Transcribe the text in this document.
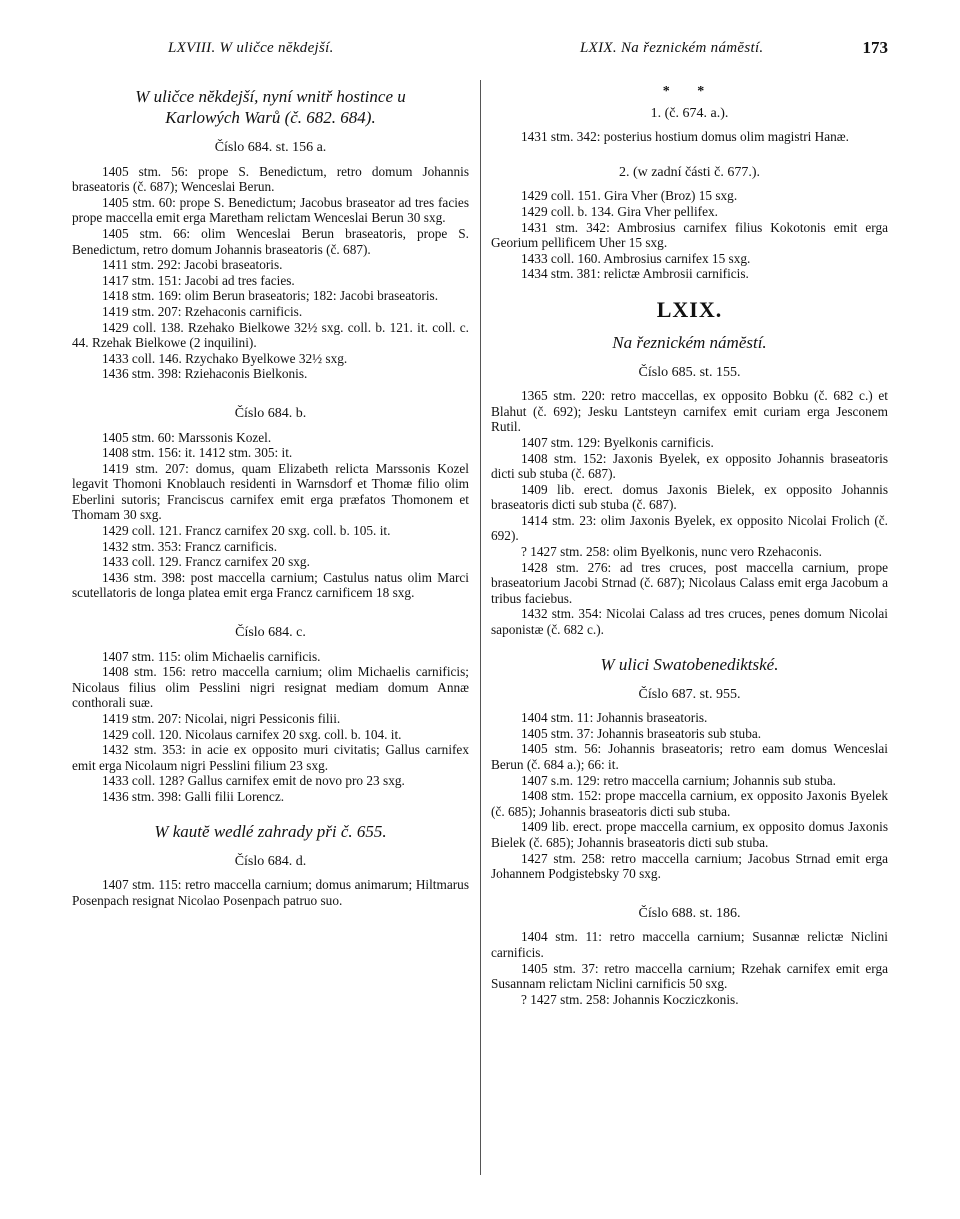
LXVIII. W uličce nĕkdejší.	LXIX. Na řeznickém námĕstí.	173
W uličce nĕkdejší, nyní wnitř hostince u
Karlowých Warů (č. 682. 684).
Číslo 684. st. 156 a.

1405 stm. 56: prope S. Benedictum, retro domum Johannis braseatoris (č. 687); Wenceslai Berun.

1405 stm. 60: prope S. Benedictum; Jacobus braseator ad tres facies prope maccella emit erga Maretham relictam Wenceslai Berun 30 sxg.

1405 stm. 66: olim Wenceslai Berun braseatoris, prope S. Benedictum, retro domum Johannis braseatoris (č. 687).

1411 stm. 292: Jacobi braseatoris.

1417 stm. 151: Jacobi ad tres facies.

1418 stm. 169: olim Berun braseatoris; 182: Jacobi braseatoris.

1419 stm. 207: Rzehaconis carnificis.

1429 coll. 138. Rzehako Bielkowe 32½ sxg. coll. b. 121. it. coll. c. 44. Rzehak Bielkowe (2 inquilini).

1433 coll. 146. Rzychako Byelkowe 32½ sxg.

1436 stm. 398: Rziehaconis Bielkonis.

Číslo 684. b.

1405 stm. 60: Marssonis Kozel.

1408 stm. 156: it. 1412 stm. 305: it.

1419 stm. 207: domus, quam Elizabeth relicta Marssonis Kozel legavit Thomoni Knoblauch residenti in Warnsdorf et Thomæ filio olim Eberlini sutoris; Franciscus carnifex emit erga præfatos Thomonem et Thomam 30 sxg.

1429 coll. 121. Francz carnifex 20 sxg. coll. b. 105. it.

1432 stm. 353: Francz carnificis.

1433 coll. 129. Francz carnifex 20 sxg.

1436 stm. 398: post maccella carnium; Castulus natus olim Marci scutellatoris de longa platea emit erga Francz carnificem 18 sxg.

Číslo 684. c.

1407 stm. 115: olim Michaelis carnificis.

1408 stm. 156: retro maccella carnium; olim Michaelis carnificis; Nicolaus filius olim Pesslini nigri resignat mediam domum Annæ conthorali suæ.

1419 stm. 207: Nicolai, nigri Pessiconis filii.

1429 coll. 120. Nicolaus carnifex 20 sxg. coll. b. 104. it.

1432 stm. 353: in acie ex opposito muri civitatis; Gallus carnifex emit erga Nicolaum nigri Pesslini filium 23 sxg.

1433 coll. 128? Gallus carnifex emit de novo pro 23 sxg.

1436 stm. 398: Galli filii Lorencz.

W kautĕ wedlé zahrady při č. 655.
Číslo 684. d.

1407 stm. 115: retro maccella carnium; domus animarum; Hiltmarus Posenpach resignat Nicolao Posenpach patruo suo.

* *
1. (č. 674. a.).

1431 stm. 342: posterius hostium domus olim magistri Hanæ.

2. (w zadní části č. 677.).

1429 coll. 151. Gira Vher (Broz) 15 sxg.

1429 coll. b. 134. Gira Vher pellifex.

1431 stm. 342: Ambrosius carnifex filius Kokotonis emit erga Georium pellificem Uher 15 sxg.

1433 coll. 160. Ambrosius carnifex 15 sxg.

1434 stm. 381: relictæ Ambrosii carnificis.

LXIX.
Na řeznickém námĕstí.
Číslo 685. st. 155.

1365 stm. 220: retro maccellas, ex opposito Bobku (č. 682 c.) et Blahut (č. 692); Jesku Lantsteyn carnifex emit curiam erga Jesconem Rutil.

1407 stm. 129: Byelkonis carnificis.

1408 stm. 152: Jaxonis Byelek, ex opposito Johannis braseatoris dicti sub stuba (č. 687).

1409 lib. erect. domus Jaxonis Bielek, ex opposito Johannis braseatoris dicti sub stuba (č. 687).

1414 stm. 23: olim Jaxonis Byelek, ex opposito Nicolai Frolich (č. 692).

? 1427 stm. 258: olim Byelkonis, nunc vero Rzehaconis.

1428 stm. 276: ad tres cruces, post maccella carnium, prope braseatorium Jacobi Strnad (č. 687); Nicolaus Calass emit erga Jacobum a tribus faciebus.

1432 stm. 354: Nicolai Calass ad tres cruces, penes domum Nicolai saponistæ (č. 682 c.).

W ulici Swatobenediktské.
Číslo 687. st. 955.

1404 stm. 11: Johannis braseatoris.

1405 stm. 37: Johannis braseatoris sub stuba.

1405 stm. 56: Johannis braseatoris; retro eam domus Wenceslai Berun (č. 684 a.); 66: it.

1407 s.m. 129: retro maccella carnium; Johannis sub stuba.

1408 stm. 152: prope maccella carnium, ex opposito Jaxonis Byelek (č. 685); Johannis braseatoris dicti sub stuba.

1409 lib. erect. prope maccella carnium, ex opposito domus Jaxonis Bielek (č. 685); Johannis braseatoris dicti sub stuba.

1427 stm. 258: retro maccella carnium; Jacobus Strnad emit erga Johannem Podgistebsky 70 sxg.

Číslo 688. st. 186.

1404 stm. 11: retro maccella carnium; Susannæ relictæ Niclini carnificis.

1405 stm. 37: retro maccella carnium; Rzehak carnifex emit erga Susannam relictam Niclini carnificis 50 sxg.

? 1427 stm. 258: Johannis Kocziczkonis.
